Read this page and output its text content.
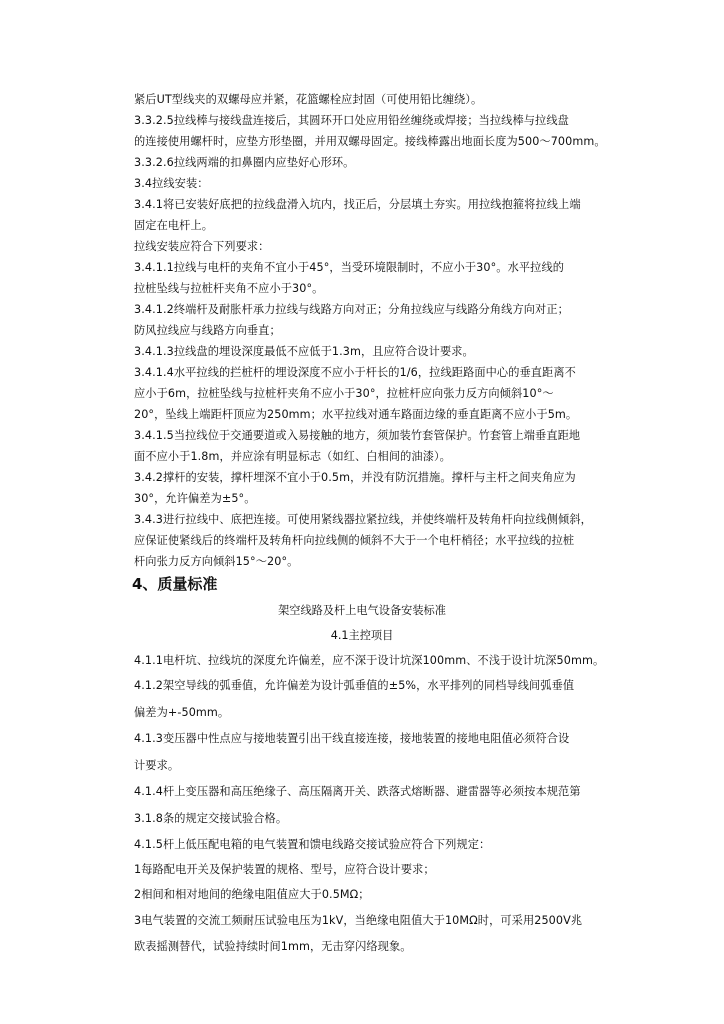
紧后UT型线夹的双螺母应并紧，花篮螺栓应封固（可使用铅比缠绕）。
3.3.2.5拉线棒与接线盘连接后，其圆环开口处应用铅丝缠绕或焊接；当拉线棒与拉线盘
的连接使用螺杆时，应垫方形垫圈，并用双螺母固定。接线棒露出地面长度为500～700mm。
3.3.2.6拉线两端的扣鼻圈内应垫好心形环。
3.4拉线安装：
3.4.1将已安装好底把的拉线盘滑入坑内，找正后，分层填土夯实。用拉线抱箍将拉线上端
固定在电杆上。
拉线安装应符合下列要求：
3.4.1.1拉线与电杆的夹角不宜小于45°，当受环境限制时，不应小于30°。水平拉线的
拉桩坠线与拉桩杆夹角不应小于30°。
3.4.1.2终端杆及耐胀杆承力拉线与线路方向对正；分角拉线应与线路分角线方向对正；
防风拉线应与线路方向垂直；
3.4.1.3拉线盘的埋设深度最低不应低于1.3m，且应符合设计要求。
3.4.1.4水平拉线的拦桩杆的埋设深度不应小于杆长的1/6，拉线距路面中心的垂直距离不
应小于6m，拉桩坠线与拉桩杆夹角不应小于30°，拉桩杆应向张力反方向倾斜10°～
20°，坠线上端距杆顶应为250mm；水平拉线对通车路面边缘的垂直距离不应小于5m。
3.4.1.5当拉线位于交通要道或入易接触的地方，须加装竹套管保护。竹套管上端垂直距地
面不应小于1.8m，并应涂有明显标志（如红、白相间的油漆）。
3.4.2撑杆的安装，撑杆埋深不宜小于0.5m，并没有防沉措施。撑杆与主杆之间夹角应为
30°，允许偏差为±5°。
3.4.3进行拉线中、底把连接。可使用紧线器拉紧拉线，并使终端杆及转角杆向拉线侧倾斜，
应保证使紧线后的终端杆及转角杆向拉线侧的倾斜不大于一个电杆梢径；水平拉线的拉桩
杆向张力反方向倾斜15°～20°。
4、质量标准
架空线路及杆上电气设备安装标准
4.1主控项目
4.1.1电杆坑、拉线坑的深度允许偏差，应不深于设计坑深100mm、不浅于设计坑深50mm。
4.1.2架空导线的弧垂值，允许偏差为设计弧垂值的±5%，水平排列的同档导线间弧垂值
偏差为+-50mm。
4.1.3变压器中性点应与接地装置引出干线直接连接，接地装置的接地电阻值必须符合设
计要求。
4.1.4杆上变压器和高压绝缘子、高压隔离开关、跌落式熔断器、避雷器等必须按本规范第
3.1.8条的规定交接试验合格。
4.1.5杆上低压配电箱的电气装置和馈电线路交接试验应符合下列规定：
1每路配电开关及保护装置的规格、型号，应符合设计要求；
2相间和相对地间的绝缘电阻值应大于0.5MΩ；
3电气装置的交流工频耐压试验电压为1kV，当绝缘电阻值大于10MΩ时，可采用2500V兆
欧表摇测替代，试验持续时间1mm，无击穿闪络现象。
